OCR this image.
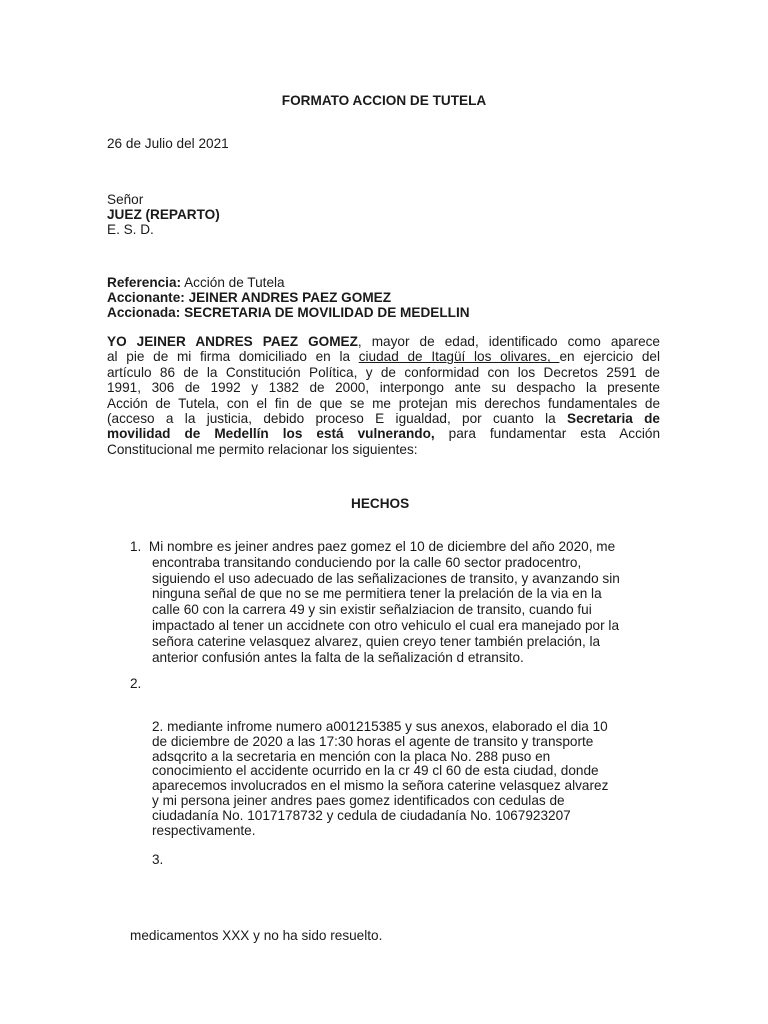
FORMATO ACCION DE TUTELA
26 de Julio del 2021
Señor
JUEZ (REPARTO)
E. S. D.
Referencia: Acción de Tutela
Accionante: JEINER ANDRES PAEZ GOMEZ
Accionada: SECRETARIA DE MOVILIDAD DE MEDELLIN
YO JEINER ANDRES PAEZ GOMEZ, mayor de edad, identificado como aparece
al pie de mi firma domiciliado en la ciudad de Itagüí los olivares, en ejercicio del
artículo 86 de la Constitución Política, y de conformidad con los Decretos 2591 de
1991, 306 de 1992 y 1382 de 2000, interpongo ante su despacho la presente
Acción de Tutela, con el fin de que se me protejan mis derechos fundamentales de
(acceso a la justicia, debido proceso E igualdad, por cuanto la Secretaria de
movilidad de Medellín los está vulnerando, para fundamentar esta Acción
Constitucional me permito relacionar los siguientes:
HECHOS
1. Mi nombre es jeiner andres paez gomez el 10 de diciembre del año 2020, me
encontraba transitando conduciendo por la calle 60 sector pradocentro,
siguiendo el uso adecuado de las señalizaciones de transito, y avanzando sin
ninguna señal de que no se me permitiera tener la prelación de la via en la
calle 60 con la carrera 49 y sin existir señalziacion de transito, cuando fui
impactado al tener un accidnete con otro vehiculo el cual era manejado por la
señora caterine velasquez alvarez, quien creyo tener también prelación, la
anterior confusión antes la falta de la señalización d etransito.
2.
2. mediante infrome numero a001215385 y sus anexos, elaborado el dia 10
de diciembre de 2020 a las 17:30 horas el agente de transito y transporte
adsqcrito a la secretaria en mención con la placa No. 288 puso en
conocimiento el accidente ocurrido en la cr 49 cl 60 de esta ciudad, donde
aparecemos involucrados en el mismo la señora caterine velasquez alvarez
y mi persona jeiner andres paes gomez identificados con cedulas de
ciudadanía No. 1017178732 y cedula de ciudadanía No. 1067923207
respectivamente.
3.
medicamentos XXX y no ha sido resuelto.
